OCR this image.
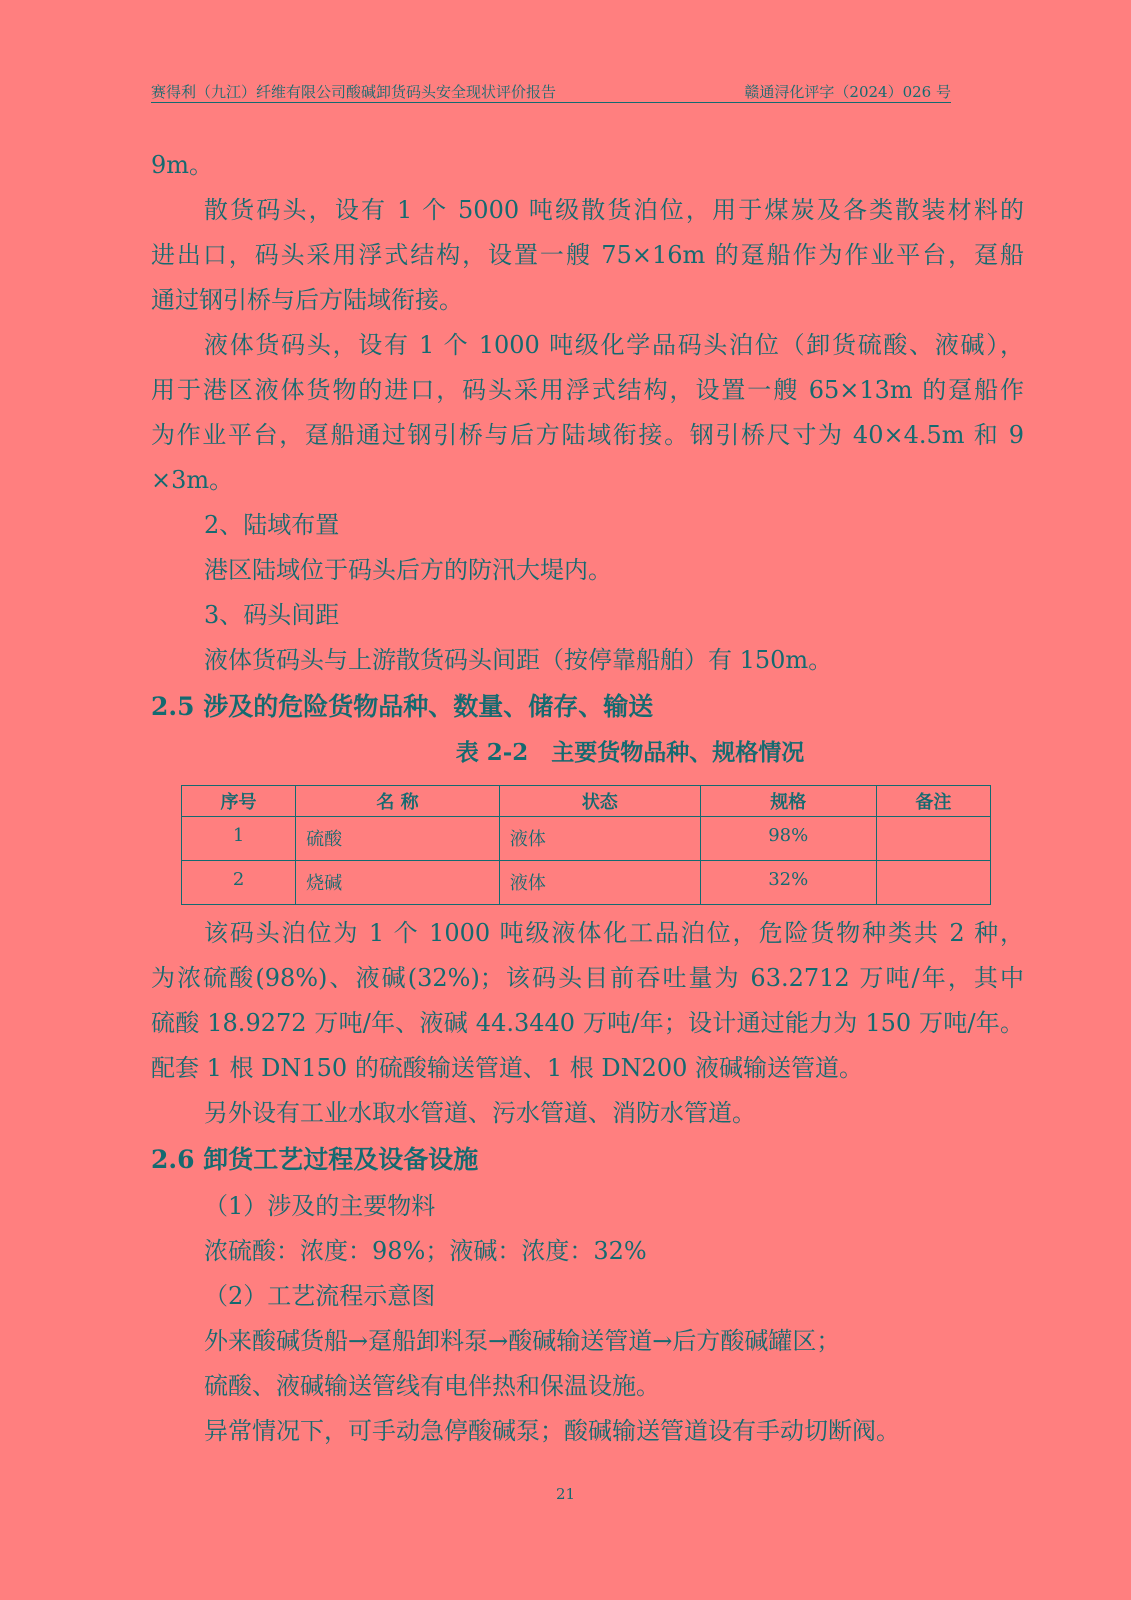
赛得利（九江）纤维有限公司酸碱卸货码头安全现状评价报告	赣通浔化评字（2024）026 号

9m。

散货码头，设有 1 个 5000 吨级散货泊位，用于煤炭及各类散装材料的

进出口，码头采用浮式结构，设置一艘 75×16m 的趸船作为作业平台，趸船

通过钢引桥与后方陆域衔接。

液体货码头，设有 1 个 1000 吨级化学品码头泊位（卸货硫酸、液碱），

用于港区液体货物的进口，码头采用浮式结构，设置一艘 65×13m 的趸船作

为作业平台，趸船通过钢引桥与后方陆域衔接。钢引桥尺寸为 40×4.5m 和 9

×3m。

2、陆域布置

港区陆域位于码头后方的防汛大堤内。

3、码头间距

液体货码头与上游散货码头间距（按停靠船舶）有 150m。

2.5 涉及的危险货物品种、数量、储存、输送

表 2-2　主要货物品种、规格情况

序号	名 称	状态	规格	备注
1	硫酸	液体	98%	
2	烧碱	液体	32%	

该码头泊位为 1 个 1000 吨级液体化工品泊位，危险货物种类共 2 种，

为浓硫酸(98%)、液碱(32%)；该码头目前吞吐量为 63.2712 万吨/年，其中

硫酸 18.9272 万吨/年、液碱 44.3440 万吨/年；设计通过能力为 150 万吨/年。

配套 1 根 DN150 的硫酸输送管道、1 根 DN200 液碱输送管道。

另外设有工业水取水管道、污水管道、消防水管道。

2.6 卸货工艺过程及设备设施

（1）涉及的主要物料

浓硫酸：浓度：98%；液碱：浓度：32%

（2）工艺流程示意图

外来酸碱货船→趸船卸料泵→酸碱输送管道→后方酸碱罐区；

硫酸、液碱输送管线有电伴热和保温设施。

异常情况下，可手动急停酸碱泵；酸碱输送管道设有手动切断阀。

21
